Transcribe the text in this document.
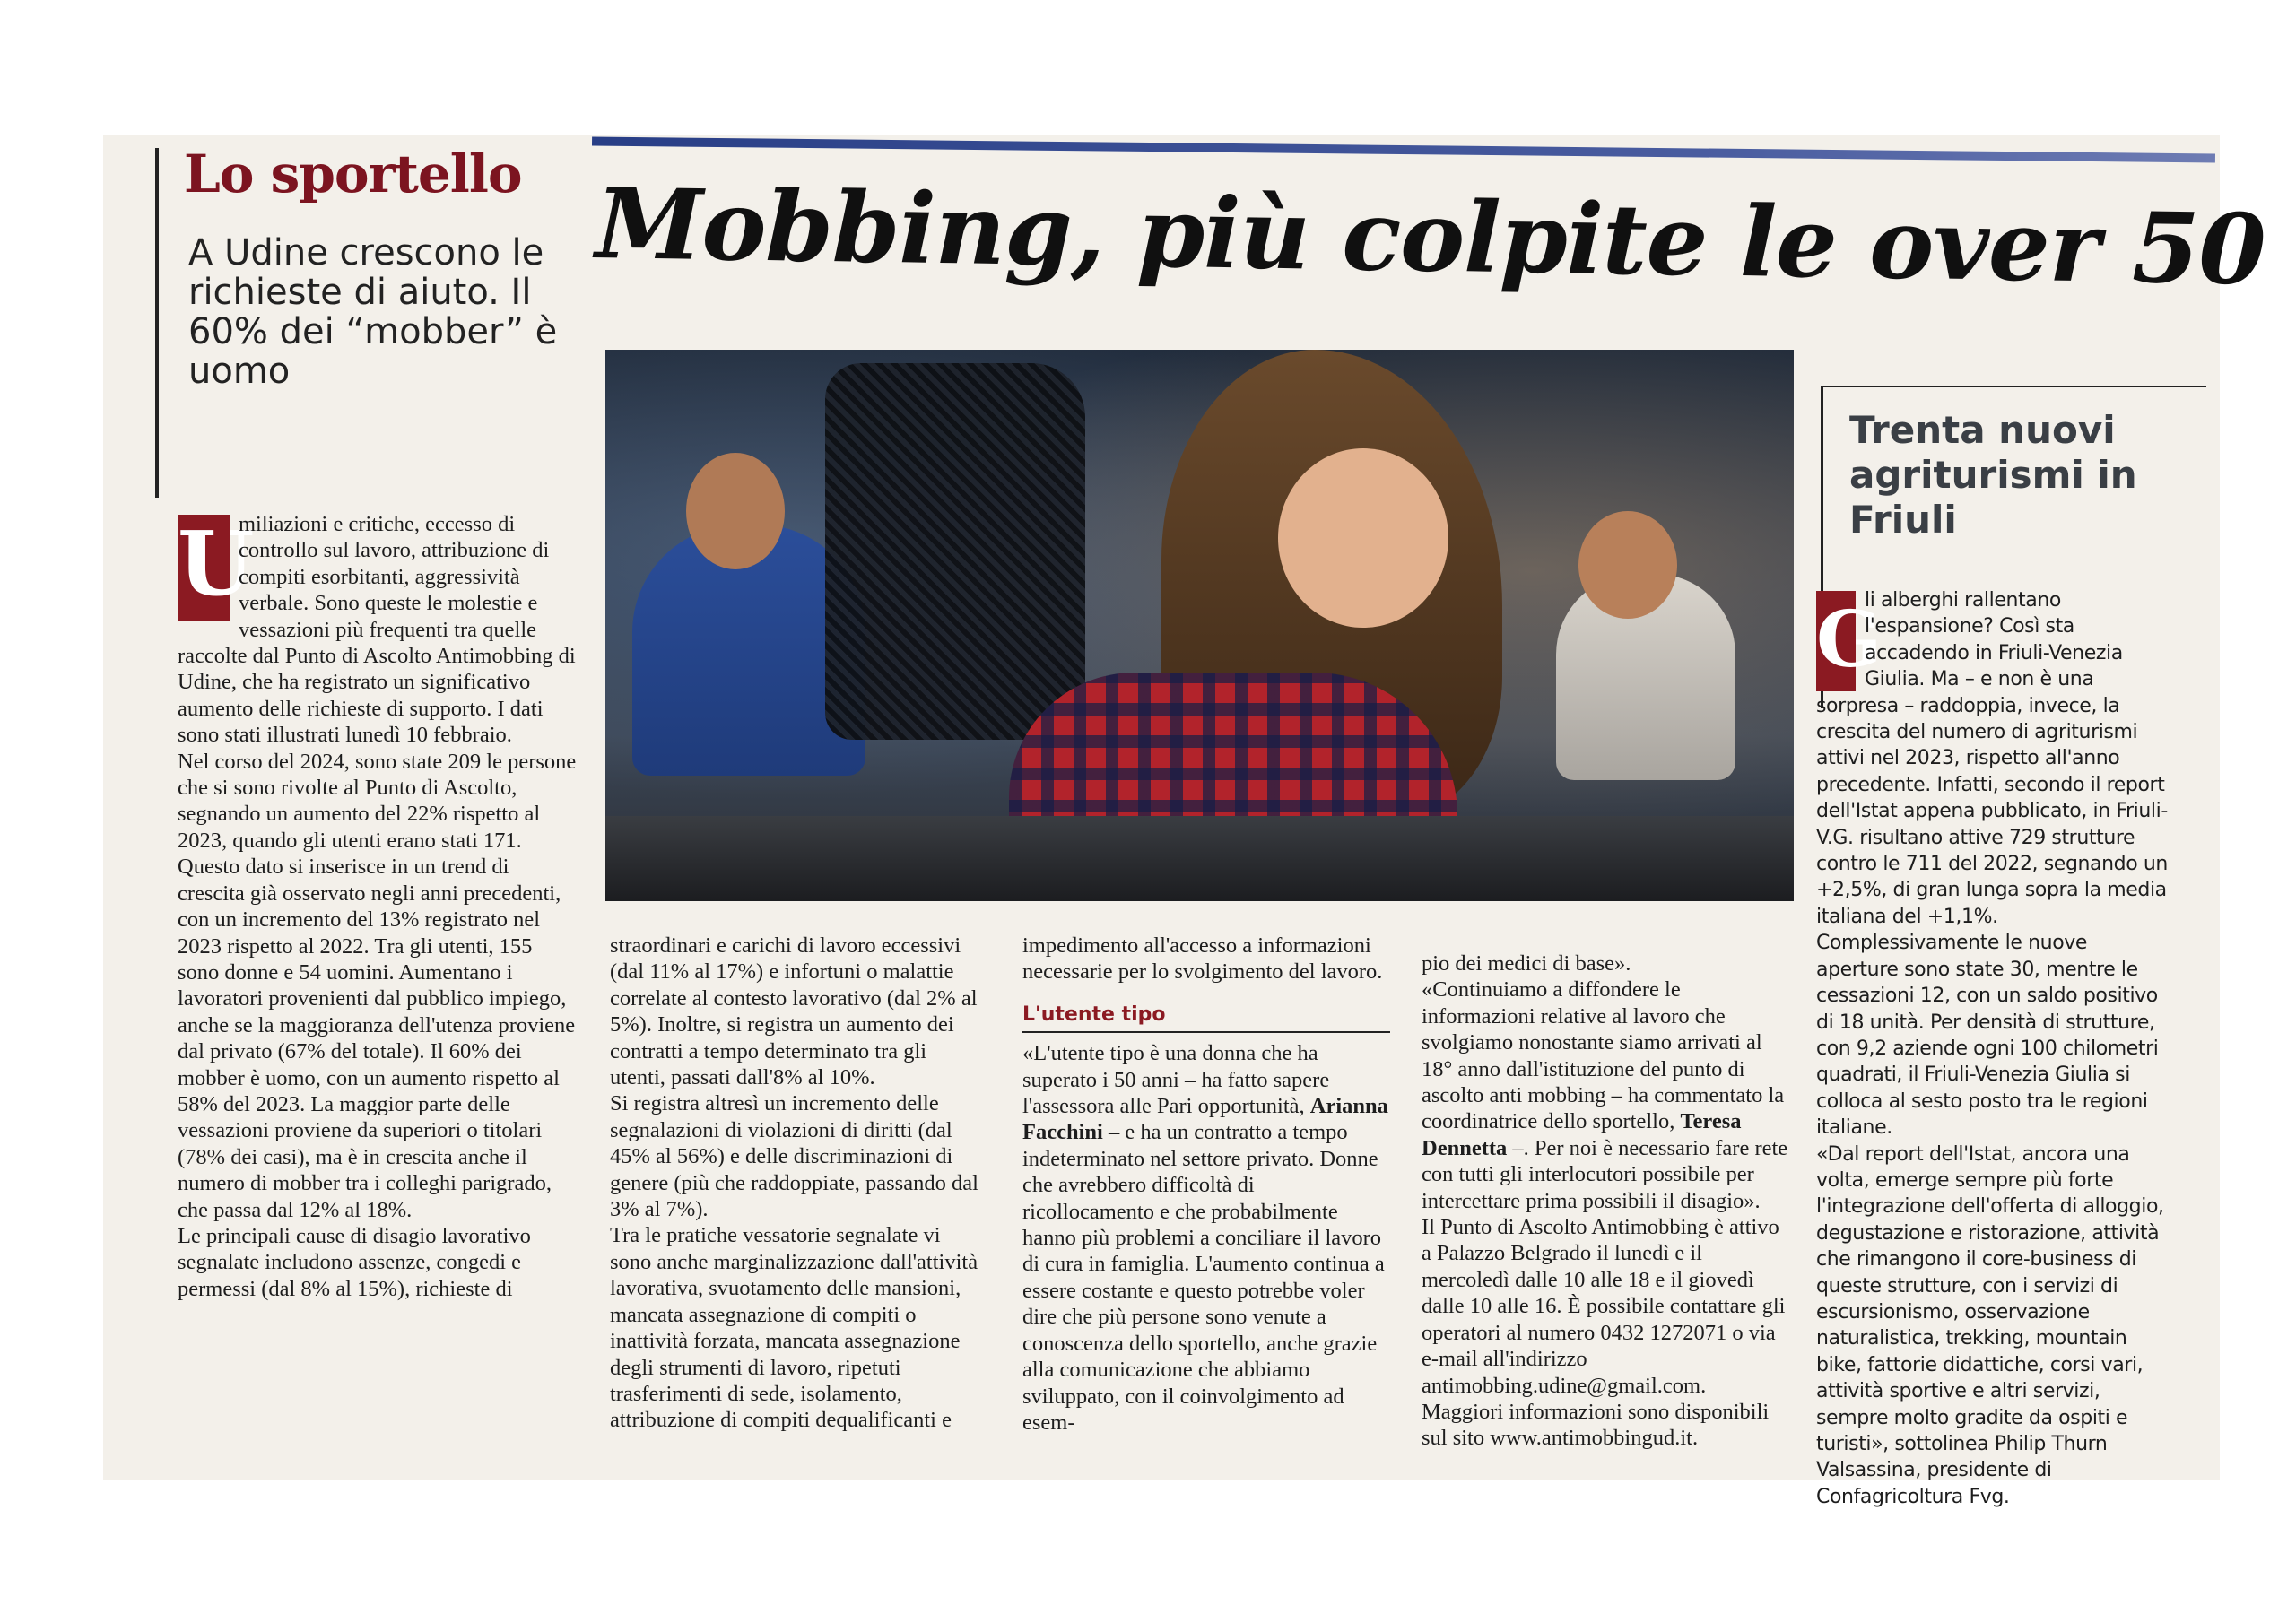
Lo sportello

A Udine crescono le richieste di aiuto. Il 60% dei “mobber” è uomo

Mobbing, più colpite le over 50
U

miliazioni e critiche, eccesso di controllo sul lavoro, attribuzione di compiti esorbitanti, aggressività verbale. Sono queste le molestie e vessazioni più frequenti tra quelle raccolte dal Punto di Ascolto Antimobbing di Udine, che ha registrato un significativo aumento delle richieste di supporto. I dati sono stati illustrati lunedì 10 febbraio.

Nel corso del 2024, sono state 209 le persone che si sono rivolte al Punto di Ascolto, segnando un aumento del 22% rispetto al 2023, quando gli utenti erano stati 171. Questo dato si inserisce in un trend di crescita già osservato negli anni precedenti, con un incremento del 13% registrato nel 2023 rispetto al 2022. Tra gli utenti, 155 sono donne e 54 uomini. Aumentano i lavoratori provenienti dal pubblico impiego, anche se la maggioranza dell'utenza proviene dal privato (67% del totale). Il 60% dei mobber è uomo, con un aumento rispetto al 58% del 2023. La maggior parte delle vessazioni proviene da superiori o titolari (78% dei casi), ma è in crescita anche il numero di mobber tra i colleghi parigrado, che passa dal 12% al 18%.

Le principali cause di disagio lavorativo segnalate includono assenze, congedi e permessi (dal 8% al 15%), richieste di

straordinari e carichi di lavoro eccessivi (dal 11% al 17%) e infortuni o malattie correlate al contesto lavorativo (dal 2% al 5%). Inoltre, si registra un aumento dei contratti a tempo determinato tra gli utenti, passati dall'8% al 10%.

Si registra altresì un incremento delle segnalazioni di violazioni di diritti (dal 45% al 56%) e delle discriminazioni di genere (più che raddoppiate, passando dal 3% al 7%).

Tra le pratiche vessatorie segnalate vi sono anche marginalizzazione dall'attività lavorativa, svuotamento delle mansioni, mancata assegnazione di compiti o inattività forzata, mancata assegnazione degli strumenti di lavoro, ripetuti trasferimenti di sede, isolamento, attribuzione di compiti dequalificanti e

impedimento all'accesso a informazioni necessarie per lo svolgimento del lavoro.

L'utente tipo

«L'utente tipo è una donna che ha superato i 50 anni – ha fatto sapere l'assessora alle Pari opportunità, Arianna Facchini – e ha un contratto a tempo indeterminato nel settore privato. Donne che avrebbero difficoltà di ricollocamento e che probabilmente hanno più problemi a conciliare il lavoro di cura in famiglia. L'aumento continua a essere costante e questo potrebbe voler dire che più persone sono venute a conoscenza dello sportello, anche grazie alla comunicazione che abbiamo sviluppato, con il coinvolgimento ad esem-

pio dei medici di base».

«Continuiamo a diffondere le informazioni relative al lavoro che svolgiamo nonostante siamo arrivati al 18° anno dall'istituzione del punto di ascolto anti mobbing – ha commentato la coordinatrice dello sportello, Teresa Dennetta –. Per noi è necessario fare rete con tutti gli interlocutori possibile per intercettare prima possibili il disagio».

Il Punto di Ascolto Antimobbing è attivo a Palazzo Belgrado il lunedì e il mercoledì dalle 10 alle 18 e il giovedì dalle 10 alle 16. È possibile contattare gli operatori al numero 0432 1272071 o via e-mail all'indirizzo antimobbing.udine@gmail.com. Maggiori informazioni sono disponibili sul sito www.antimobbingud.it.

Trenta nuovi agriturismi in Friuli
G

li alberghi rallentano l'espansione? Così sta accadendo in Friuli-Venezia Giulia. Ma – e non è una sorpresa – raddoppia, invece, la crescita del numero di agriturismi attivi nel 2023, rispetto all'anno precedente. Infatti, secondo il report dell'Istat appena pubblicato, in Friuli-V.G. risultano attive 729 strutture contro le 711 del 2022, segnando un +2,5%, di gran lunga sopra la media italiana del +1,1%. Complessivamente le nuove aperture sono state 30, mentre le cessazioni 12, con un saldo positivo di 18 unità. Per densità di strutture, con 9,2 aziende ogni 100 chilometri quadrati, il Friuli-Venezia Giulia si colloca al sesto posto tra le regioni italiane.

«Dal report dell'Istat, ancora una volta, emerge sempre più forte l'integrazione dell'offerta di alloggio, degustazione e ristorazione, attività che rimangono il core-business di queste strutture, con i servizi di escursionismo, osservazione naturalistica, trekking, mountain bike, fattorie didattiche, corsi vari, attività sportive e altri servizi, sempre molto gradite da ospiti e turisti», sottolinea Philip Thurn Valsassina, presidente di Confagricoltura Fvg.
